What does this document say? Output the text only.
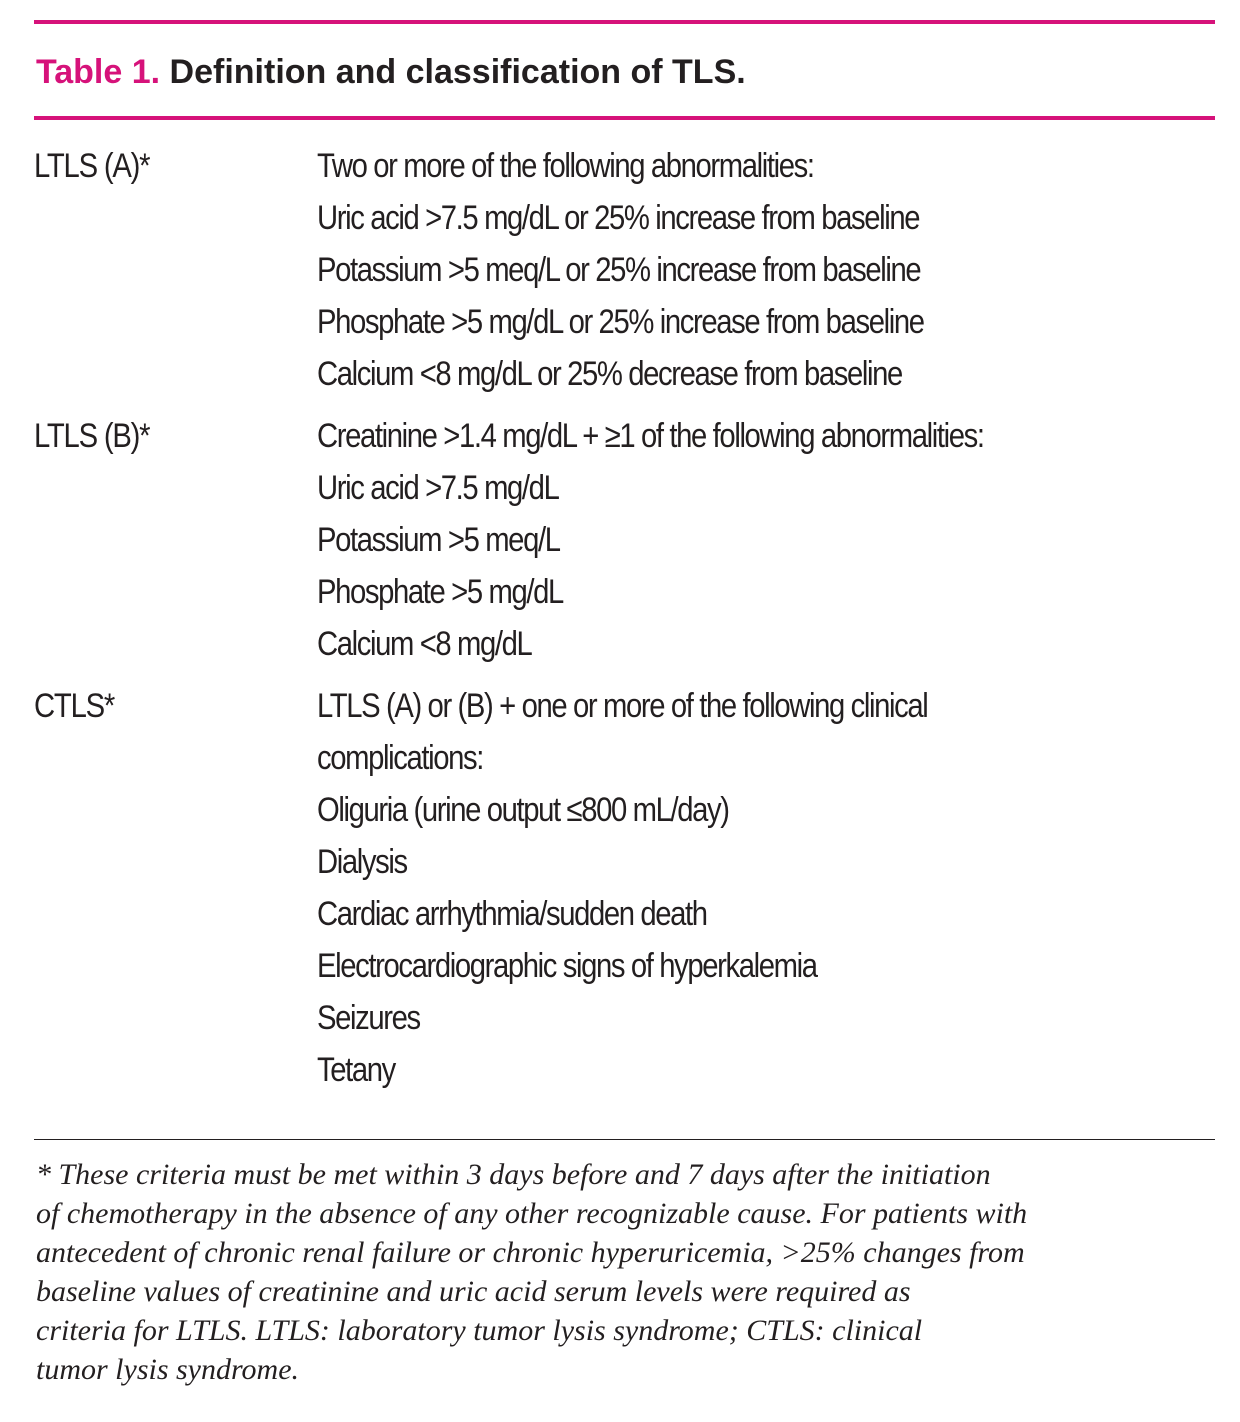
Table 1. Definition and classification of TLS.
LTLS (A)*	Two or more of the following abnormalities:
Uric acid >7.5 mg/dL or 25% increase from baseline
Potassium >5 meq/L or 25% increase from baseline
Phosphate >5 mg/dL or 25% increase from baseline
Calcium <8 mg/dL or 25% decrease from baseline
LTLS (B)*	Creatinine >1.4 mg/dL + ≥1 of the following abnormalities:
Uric acid >7.5 mg/dL
Potassium >5 meq/L
Phosphate >5 mg/dL
Calcium <8 mg/dL
CTLS*	LTLS (A) or (B) + one or more of the following clinical
complications:
Oliguria (urine output ≤800 mL/day)
Dialysis
Cardiac arrhythmia/sudden death
Electrocardiographic signs of hyperkalemia
Seizures
Tetany
* These criteria must be met within 3 days before and 7 days after the initiation
of chemotherapy in the absence of any other recognizable cause. For patients with
antecedent of chronic renal failure or chronic hyperuricemia, >25% changes from
baseline values of creatinine and uric acid serum levels were required as
criteria for LTLS. LTLS: laboratory tumor lysis syndrome; CTLS: clinical
tumor lysis syndrome.
